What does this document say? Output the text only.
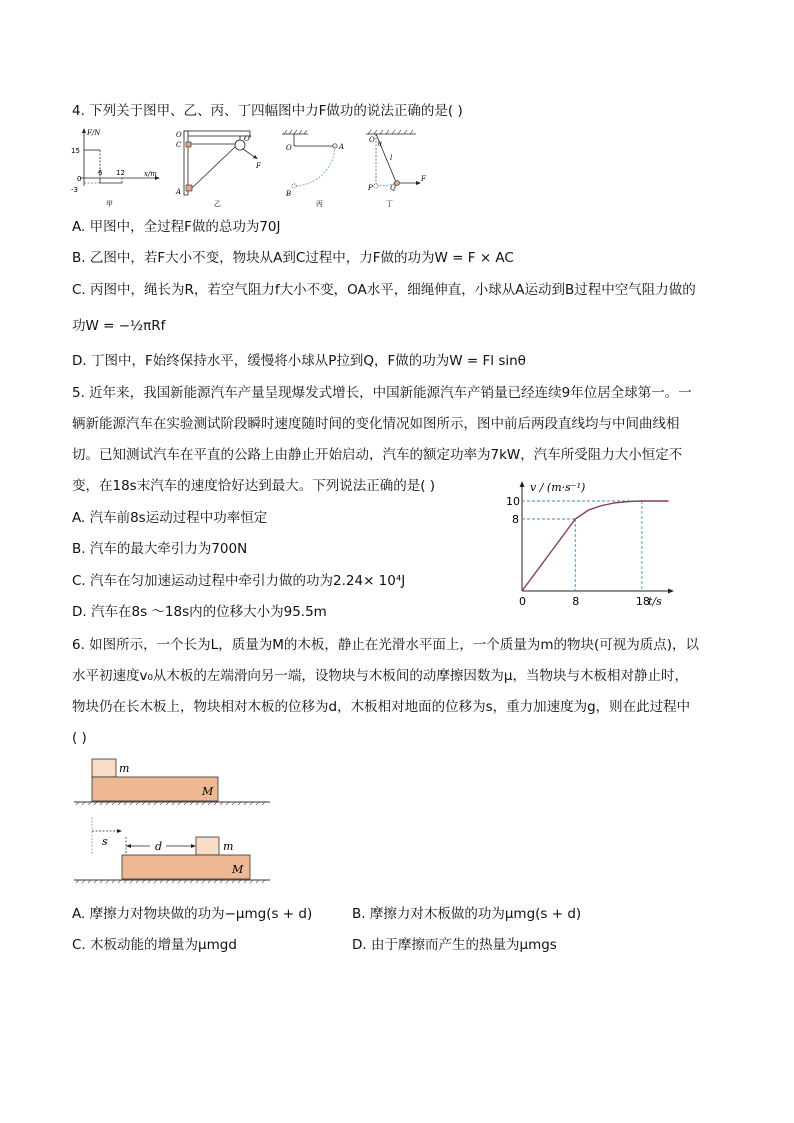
4. 下列关于图甲、乙、丙、丁四幅图中力F做功的说法正确的是( )
F/N
x/m
15
-3
0
6 12
甲
O
C
A
O'
F
乙
O	A
B
丙
O
θ
l
P Q
F
丁
A. 甲图中，全过程F做的总功为70J
B. 乙图中，若F大小不变，物块从A到C过程中，力F做的功为W = F × AC
C. 丙图中，绳长为R，若空气阻力f大小不变，OA水平，细绳伸直，小球从A运动到B过程中空气阻力做的
功W = −½πRf
D. 丁图中，F始终保持水平，缓慢将小球从P拉到Q，F做的功为W = Fl sinθ
5. 近年来，我国新能源汽车产量呈现爆发式增长，中国新能源汽车产销量已经连续9年位居全球第一。一
辆新能源汽车在实验测试阶段瞬时速度随时间的变化情况如图所示，图中前后两段直线均与中间曲线相
切。已知测试汽车在平直的公路上由静止开始启动，汽车的额定功率为7kW，汽车所受阻力大小恒定不
变，在18s末汽车的速度恰好达到最大。下列说法正确的是( )
A. 汽车前8s运动过程中功率恒定
B. 汽车的最大牵引力为700N
C. 汽车在匀加速运动过程中牵引力做的功为2.24× 10⁴J
D. 汽车在8s ～18s内的位移大小为95.5m
v / (m·s⁻¹)
t/s
0	8	18
8
10
6. 如图所示，一个长为L，质量为M的木板，静止在光滑水平面上，一个质量为m的物块(可视为质点)，以
水平初速度v₀从木板的左端滑向另一端，设物块与木板间的动摩擦因数为μ，当物块与木板相对静止时，
物块仍在长木板上，物块相对木板的位移为d，木板相对地面的位移为s，重力加速度为g，则在此过程中
( )
m
M
s	d	m
M
A. 摩擦力对物块做的功为−μmg(s + d)	B. 摩擦力对木板做的功为μmg(s + d)
C. 木板动能的增量为μmgd	D. 由于摩擦而产生的热量为μmgs
